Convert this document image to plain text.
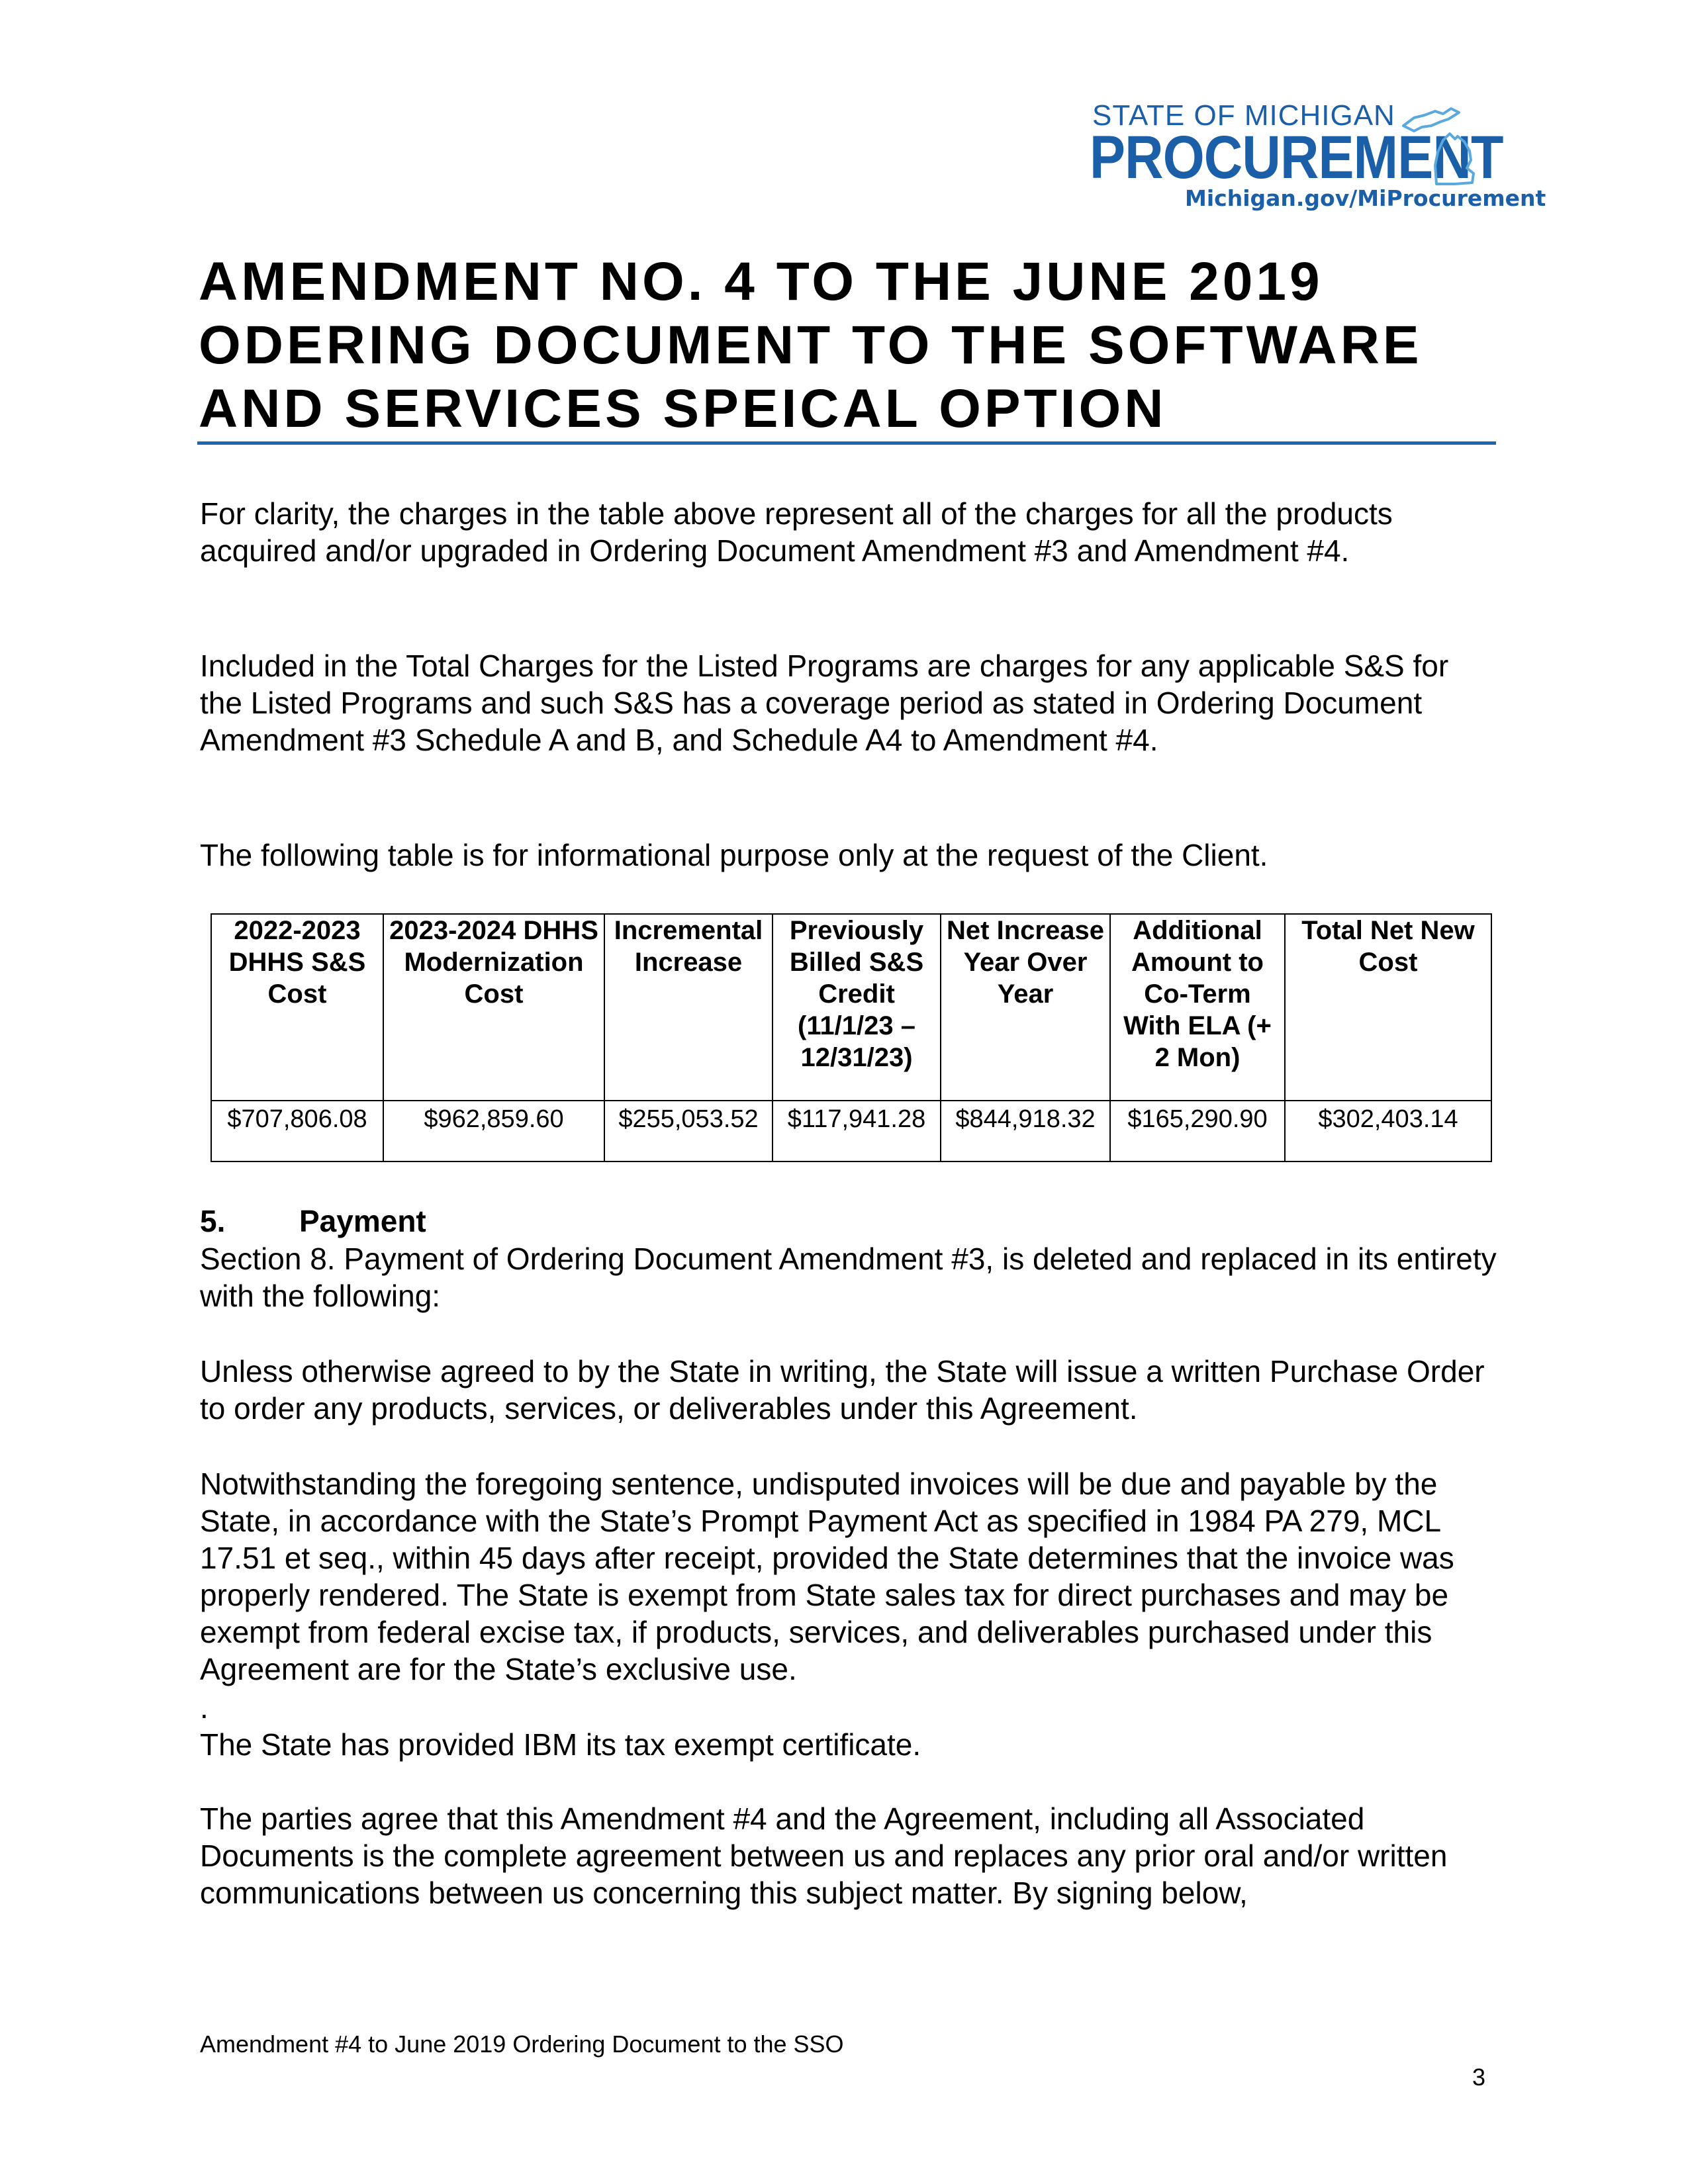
STATE OF MICHIGAN
PROCUREMENT
Michigan.gov/MiProcurement
AMENDMENT NO. 4 TO THE JUNE 2019
ODERING DOCUMENT TO THE SOFTWARE
AND SERVICES SPEICAL OPTION

For clarity, the charges in the table above represent all of the charges for all the products acquired and/or upgraded in Ordering Document Amendment #3 and Amendment #4.

Included in the Total Charges for the Listed Programs are charges for any applicable S&S for the Listed Programs and such S&S has a coverage period as stated in Ordering Document Amendment #3 Schedule A and B, and Schedule A4 to Amendment #4.

The following table is for informational purpose only at the request of the Client.

2022-2023 DHHS S&S Cost	2023-2024 DHHS Modernization Cost	Incremental Increase	Previously Billed S&S Credit (11/1/23 – 12/31/23)	Net Increase Year Over Year	Additional Amount to Co-Term With ELA (+ 2 Mon)	Total Net New Cost
$707,806.08	$962,859.60	$255,053.52	$117,941.28	$844,918.32	$165,290.90	$302,403.14
5. Payment

Section 8. Payment of Ordering Document Amendment #3, is deleted and replaced in its entirety with the following:

Unless otherwise agreed to by the State in writing, the State will issue a written Purchase Order to order any products, services, or deliverables under this Agreement.

Notwithstanding the foregoing sentence, undisputed invoices will be due and payable by the State, in accordance with the State’s Prompt Payment Act as specified in 1984 PA 279, MCL 17.51 et seq., within 45 days after receipt, provided the State determines that the invoice was properly rendered. The State is exempt from State sales tax for direct purchases and may be exempt from federal excise tax, if products, services, and deliverables purchased under this Agreement are for the State’s exclusive use.

.

The State has provided IBM its tax exempt certificate.

The parties agree that this Amendment #4 and the Agreement, including all Associated Documents is the complete agreement between us and replaces any prior oral and/or written communications between us concerning this subject matter. By signing below,

Amendment #4 to June 2019 Ordering Document to the SSO
3
